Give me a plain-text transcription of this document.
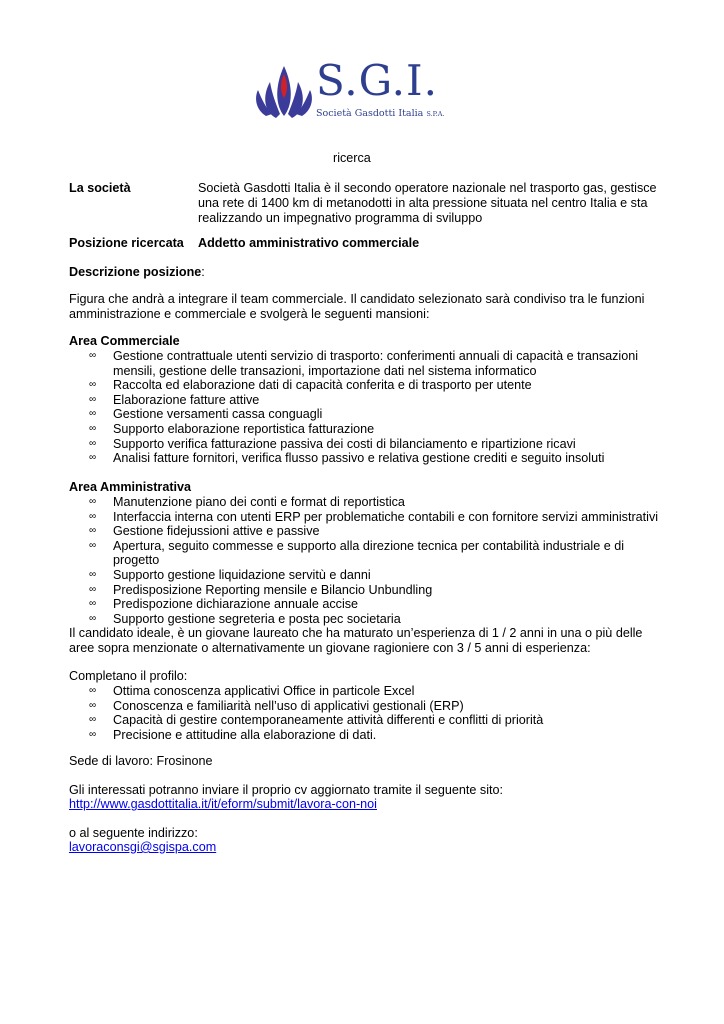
S.G.I.
Società Gasdotti Italia S.P.A.
ricerca
La società	Società Gasdotti Italia è il secondo operatore nazionale nel trasporto gas, gestisce una rete di 1400 km di metanodotti in alta pressione situata nel centro Italia e sta realizzando un impegnativo programma di sviluppo
Posizione ricercata Addetto amministrativo commerciale
Descrizione posizione:
Figura che andrà a integrare il team commerciale. Il candidato selezionato sarà condiviso tra le funzioni amministrazione e commerciale e svolgerà le seguenti mansioni:
Area Commerciale
∞ Gestione contrattuale utenti servizio di trasporto: conferimenti annuali di capacità e transazioni mensili, gestione delle transazioni, importazione dati nel sistema informatico
∞ Raccolta ed elaborazione dati di capacità conferita e di trasporto per utente
∞ Elaborazione fatture attive
∞ Gestione versamenti cassa conguagli
∞ Supporto elaborazione reportistica fatturazione
∞ Supporto verifica fatturazione passiva dei costi di bilanciamento e ripartizione ricavi
∞ Analisi fatture fornitori, verifica flusso passivo e relativa gestione crediti e seguito insoluti
Area Amministrativa
∞ Manutenzione piano dei conti e format di reportistica
∞ Interfaccia interna con utenti ERP per problematiche contabili e con fornitore servizi amministrativi
∞ Gestione fidejussioni attive e passive
∞ Apertura, seguito commesse e supporto alla direzione tecnica per contabilità industriale e di progetto
∞ Supporto gestione liquidazione servitù e danni
∞ Predisposizione Reporting mensile e Bilancio Unbundling
∞ Predispozione dichiarazione annuale accise
∞ Supporto gestione segreteria e posta pec societaria
Il candidato ideale, è un giovane laureato che ha maturato un’esperienza di 1 / 2 anni in una o più delle aree sopra menzionate o alternativamente un giovane ragioniere con 3 / 5 anni di esperienza:
Completano il profilo:
∞ Ottima conoscenza applicativi Office in particole Excel
∞ Conoscenza e familiarità nell’uso di applicativi gestionali (ERP)
∞ Capacità di gestire contemporaneamente attività differenti e conflitti di priorità
∞ Precisione e attitudine alla elaborazione di dati.
Sede di lavoro: Frosinone
Gli interessati potranno inviare il proprio cv aggiornato tramite il seguente sito:
http://www.gasdottitalia.it/it/eform/submit/lavora-con-noi
o al seguente indirizzo:
lavoraconsgi@sgispa.com
